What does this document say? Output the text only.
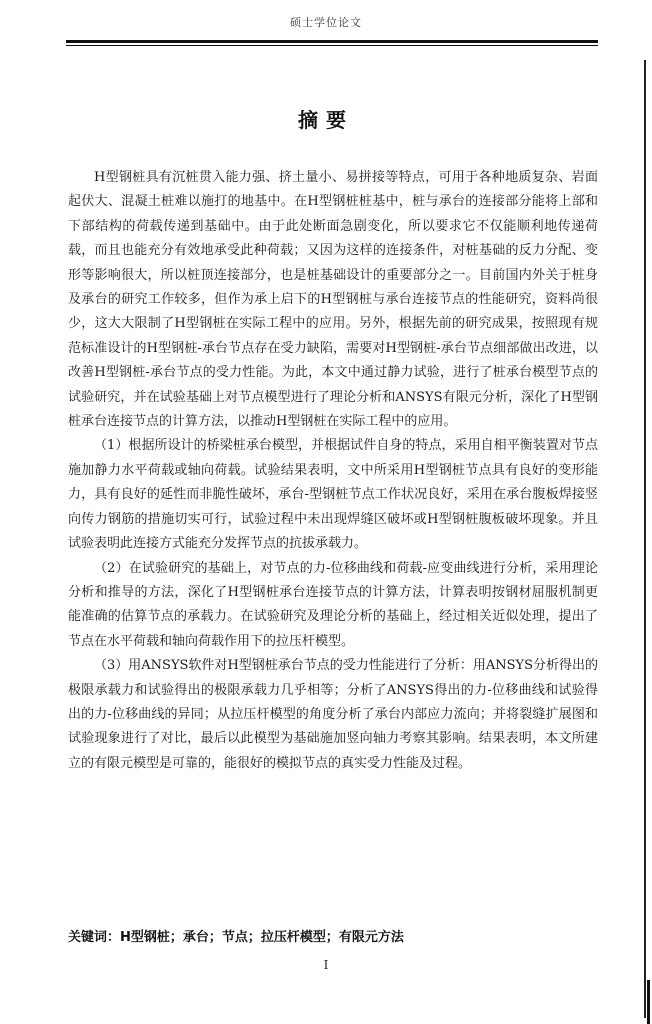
硕士学位论文
摘要

H型钢桩具有沉桩贯入能力强、挤土量小、易拼接等特点，可用于各种地质复杂、岩面起伏大、混凝土桩难以施打的地基中。在H型钢桩桩基中，桩与承台的连接部分能将上部和下部结构的荷载传递到基础中。由于此处断面急剧变化，所以要求它不仅能顺利地传递荷载，而且也能充分有效地承受此种荷载；又因为这样的连接条件，对桩基础的反力分配、变形等影响很大，所以桩顶连接部分，也是桩基础设计的重要部分之一。目前国内外关于桩身及承台的研究工作较多，但作为承上启下的H型钢桩与承台连接节点的性能研究，资料尚很少，这大大限制了H型钢桩在实际工程中的应用。另外，根据先前的研究成果，按照现有规范标准设计的H型钢桩-承台节点存在受力缺陷，需要对H型钢桩-承台节点细部做出改进，以改善H型钢桩-承台节点的受力性能。为此，本文中通过静力试验，进行了桩承台模型节点的试验研究，并在试验基础上对节点模型进行了理论分析和ANSYS有限元分析，深化了H型钢桩承台连接节点的计算方法，以推动H型钢桩在实际工程中的应用。

（1）根据所设计的桥梁桩承台模型，并根据试件自身的特点，采用自相平衡装置对节点施加静力水平荷载或轴向荷载。试验结果表明，文中所采用H型钢桩节点具有良好的变形能力，具有良好的延性而非脆性破坏，承台-型钢桩节点工作状况良好，采用在承台腹板焊接竖向传力钢筋的措施切实可行，试验过程中未出现焊缝区破坏或H型钢桩腹板破坏现象。并且试验表明此连接方式能充分发挥节点的抗拔承载力。

（2）在试验研究的基础上，对节点的力-位移曲线和荷载-应变曲线进行分析，采用理论分析和推导的方法，深化了H型钢桩承台连接节点的计算方法，计算表明按钢材屈服机制更能准确的估算节点的承载力。在试验研究及理论分析的基础上，经过相关近似处理，提出了节点在水平荷载和轴向荷载作用下的拉压杆模型。

（3）用ANSYS软件对H型钢桩承台节点的受力性能进行了分析：用ANSYS分析得出的极限承载力和试验得出的极限承载力几乎相等；分析了ANSYS得出的力-位移曲线和试验得出的力-位移曲线的异同；从拉压杆模型的角度分析了承台内部应力流向；并将裂缝扩展图和试验现象进行了对比，最后以此模型为基础施加竖向轴力考察其影响。结果表明，本文所建立的有限元模型是可靠的，能很好的模拟节点的真实受力性能及过程。

关键词：H型钢桩；承台；节点；拉压杆模型；有限元方法
I
